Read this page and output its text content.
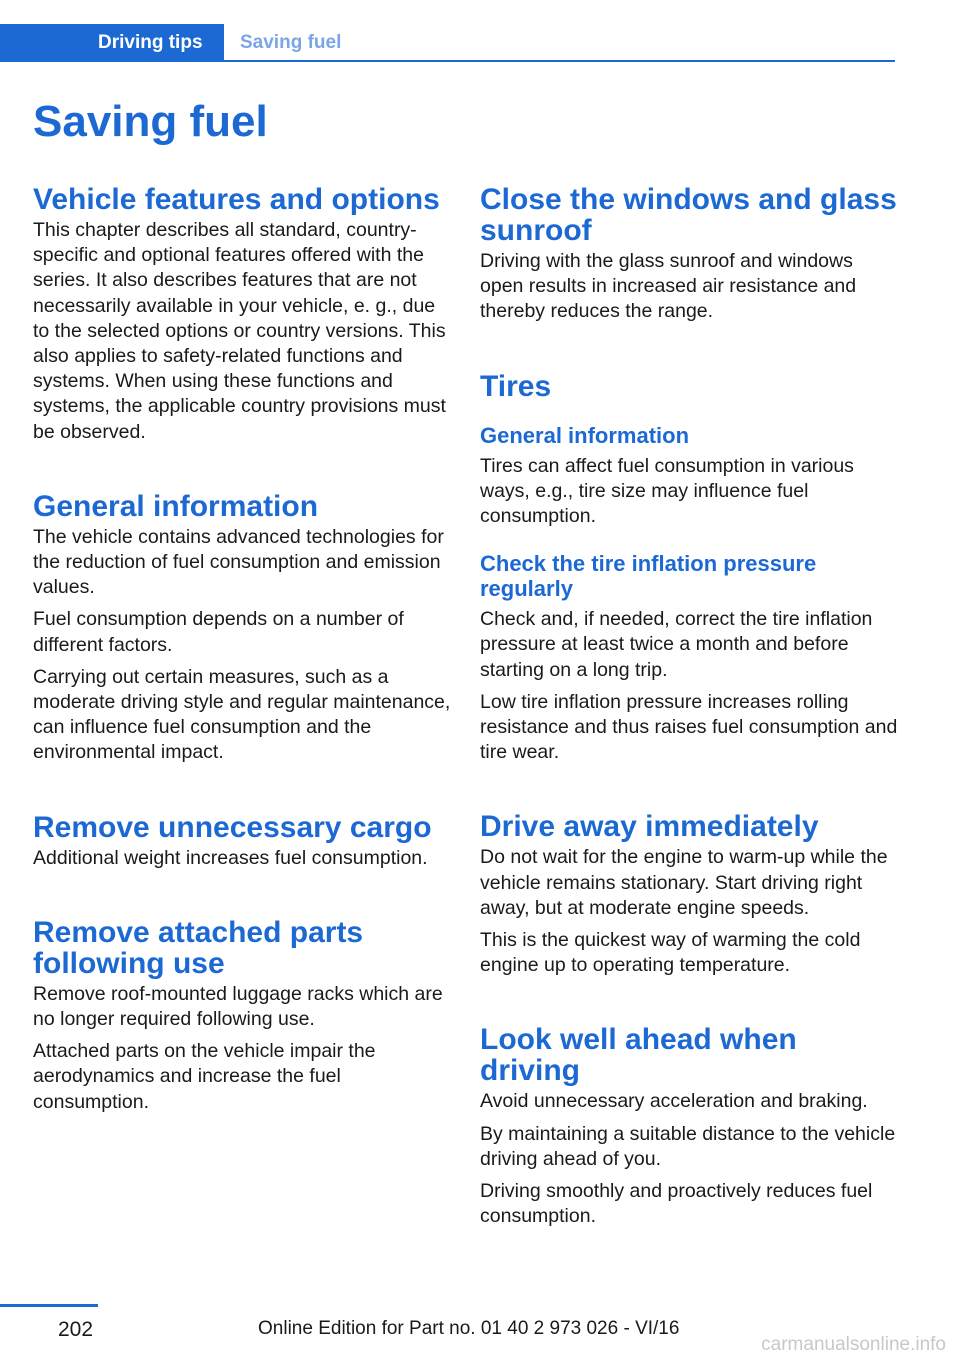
Driving tips	Saving fuel
Saving fuel
Vehicle features and options

This chapter describes all standard, country-specific and optional features offered with the series. It also describes features that are not necessarily available in your vehicle, e. g., due to the selected options or country versions. This also applies to safety-related functions and systems. When using these functions and systems, the applicable country provisions must be observed.

General information

The vehicle contains advanced technologies for the reduction of fuel consumption and emission values.

Fuel consumption depends on a number of different factors.

Carrying out certain measures, such as a moderate driving style and regular maintenance, can influence fuel consumption and the environmental impact.

Remove unnecessary cargo

Additional weight increases fuel consumption.

Remove attached parts following use

Remove roof-mounted luggage racks which are no longer required following use.

Attached parts on the vehicle impair the aerodynamics and increase the fuel consumption.

Close the windows and glass sunroof

Driving with the glass sunroof and windows open results in increased air resistance and thereby reduces the range.

Tires
General information

Tires can affect fuel consumption in various ways, e.g., tire size may influence fuel consumption.

Check the tire inflation pressure regularly

Check and, if needed, correct the tire inflation pressure at least twice a month and before starting on a long trip.

Low tire inflation pressure increases rolling resistance and thus raises fuel consumption and tire wear.

Drive away immediately

Do not wait for the engine to warm-up while the vehicle remains stationary. Start driving right away, but at moderate engine speeds.

This is the quickest way of warming the cold engine up to operating temperature.

Look well ahead when driving

Avoid unnecessary acceleration and braking.

By maintaining a suitable distance to the vehicle driving ahead of you.

Driving smoothly and proactively reduces fuel consumption.

202	Online Edition for Part no. 01 40 2 973 026 - VI/16
carmanualsonline.info
